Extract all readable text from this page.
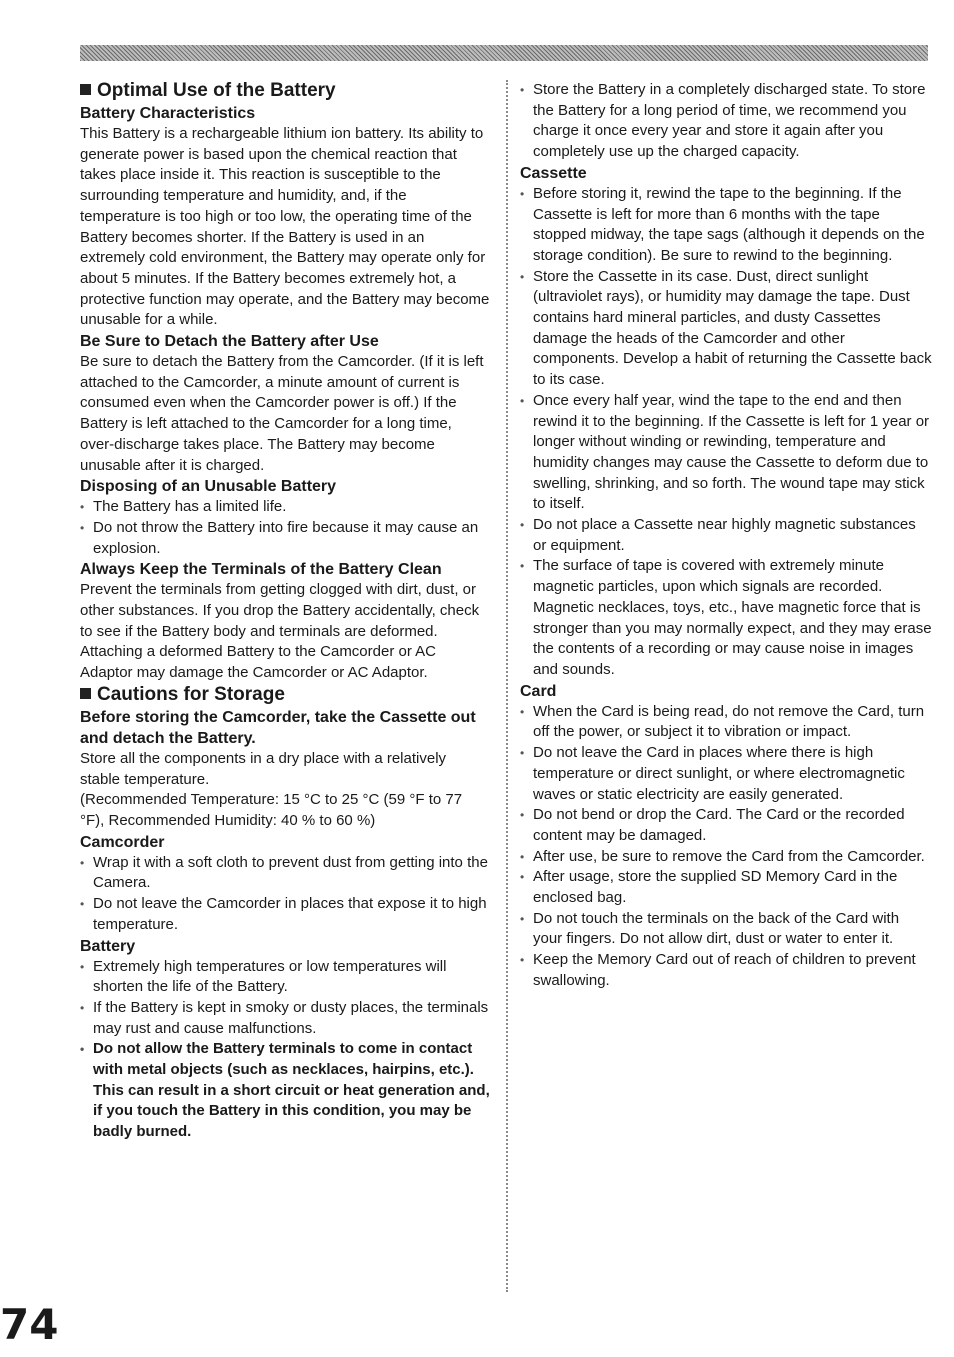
Optimal Use of the Battery
Battery Characteristics

This Battery is a rechargeable lithium ion battery. Its ability to generate power is based upon the chemical reaction that takes place inside it. This reaction is susceptible to the surrounding temperature and humidity, and, if the temperature is too high or too low, the operating time of the Battery becomes shorter. If the Battery is used in an extremely cold environment, the Battery may operate only for about 5 minutes. If the Battery becomes extremely hot, a protective function may operate, and the Battery may become unusable for a while.

Be Sure to Detach the Battery after Use

Be sure to detach the Battery from the Camcorder. (If it is left attached to the Camcorder, a minute amount of current is consumed even when the Camcorder power is off.) If the Battery is left attached to the Camcorder for a long time, over-discharge takes place. The Battery may become unusable after it is charged.

Disposing of an Unusable Battery
• The Battery has a limited life.
• Do not throw the Battery into fire because it may cause an explosion.
Always Keep the Terminals of the Battery Clean

Prevent the terminals from getting clogged with dirt, dust, or other substances. If you drop the Battery accidentally, check to see if the Battery body and terminals are deformed. Attaching a deformed Battery to the Camcorder or AC Adaptor may damage the Camcorder or AC Adaptor.

Cautions for Storage
Before storing the Camcorder, take the Cassette out and detach the Battery.

Store all the components in a dry place with a relatively stable temperature.

(Recommended Temperature: 15 °C to 25 °C (59 °F to 77 °F), Recommended Humidity: 40 % to 60 %)

Camcorder
• Wrap it with a soft cloth to prevent dust from getting into the Camera.
• Do not leave the Camcorder in places that expose it to high temperature.
Battery
• Extremely high temperatures or low temperatures will shorten the life of the Battery.
• If the Battery is kept in smoky or dusty places, the terminals may rust and cause malfunctions.
• Do not allow the Battery terminals to come in contact with metal objects (such as necklaces, hairpins, etc.). This can result in a short circuit or heat generation and, if you touch the Battery in this condition, you may be badly burned.
• Store the Battery in a completely discharged state. To store the Battery for a long period of time, we recommend you charge it once every year and store it again after you completely use up the charged capacity.
Cassette
• Before storing it, rewind the tape to the beginning. If the Cassette is left for more than 6 months with the tape stopped midway, the tape sags (although it depends on the storage condition). Be sure to rewind to the beginning.
• Store the Cassette in its case. Dust, direct sunlight (ultraviolet rays), or humidity may damage the tape. Dust contains hard mineral particles, and dusty Cassettes damage the heads of the Camcorder and other components. Develop a habit of returning the Cassette back to its case.
• Once every half year, wind the tape to the end and then rewind it to the beginning. If the Cassette is left for 1 year or longer without winding or rewinding, temperature and humidity changes may cause the Cassette to deform due to swelling, shrinking, and so forth. The wound tape may stick to itself.
• Do not place a Cassette near highly magnetic substances or equipment.
• The surface of tape is covered with extremely minute magnetic particles, upon which signals are recorded. Magnetic necklaces, toys, etc., have magnetic force that is stronger than you may normally expect, and they may erase the contents of a recording or may cause noise in images and sounds.
Card
• When the Card is being read, do not remove the Card, turn off the power, or subject it to vibration or impact.
• Do not leave the Card in places where there is high temperature or direct sunlight, or where electromagnetic waves or static electricity are easily generated.
• Do not bend or drop the Card. The Card or the recorded content may be damaged.
• After use, be sure to remove the Card from the Camcorder.
• After usage, store the supplied SD Memory Card in the enclosed bag.
• Do not touch the terminals on the back of the Card with your fingers. Do not allow dirt, dust or water to enter it.
• Keep the Memory Card out of reach of children to prevent swallowing.
74
